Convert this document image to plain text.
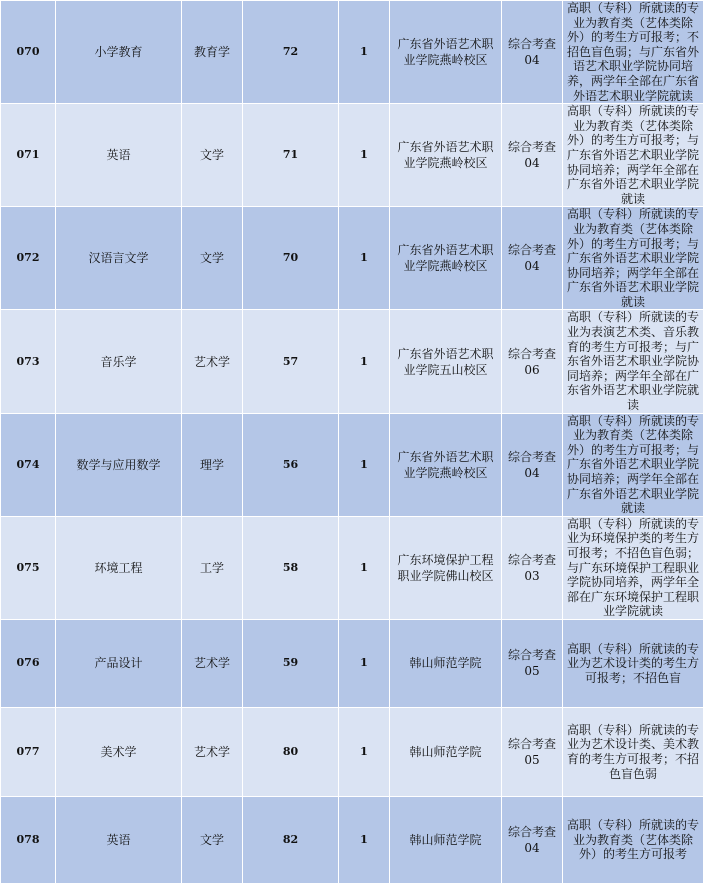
070	小学教育	教育学	72	1	广东省外语艺术职业学院燕岭校区	综合考查04	高职（专科）所就读的专业为教育类（艺体类除外）的考生方可报考；不招色盲色弱；与广东省外语艺术职业学院协同培养，两学年全部在广东省外语艺术职业学院就读
071	英语	文学	71	1	广东省外语艺术职业学院燕岭校区	综合考查04	高职（专科）所就读的专业为教育类（艺体类除外）的考生方可报考；与广东省外语艺术职业学院协同培养；两学年全部在广东省外语艺术职业学院就读
072	汉语言文学	文学	70	1	广东省外语艺术职业学院燕岭校区	综合考查04	高职（专科）所就读的专业为教育类（艺体类除外）的考生方可报考；与广东省外语艺术职业学院协同培养；两学年全部在广东省外语艺术职业学院就读
073	音乐学	艺术学	57	1	广东省外语艺术职业学院五山校区	综合考查06	高职（专科）所就读的专业为表演艺术类、音乐教育的考生方可报考；与广东省外语艺术职业学院协同培养；两学年全部在广东省外语艺术职业学院就读
074	数学与应用数学	理学	56	1	广东省外语艺术职业学院燕岭校区	综合考查04	高职（专科）所就读的专业为教育类（艺体类除外）的考生方可报考；与广东省外语艺术职业学院协同培养；两学年全部在广东省外语艺术职业学院就读
075	环境工程	工学	58	1	广东环境保护工程职业学院佛山校区	综合考查03	高职（专科）所就读的专业为环境保护类的考生方可报考；不招色盲色弱；与广东环境保护工程职业学院协同培养，两学年全部在广东环境保护工程职业学院就读
076	产品设计	艺术学	59	1	韩山师范学院	综合考查05	高职（专科）所就读的专业为艺术设计类的考生方可报考；不招色盲
077	美术学	艺术学	80	1	韩山师范学院	综合考查05	高职（专科）所就读的专业为艺术设计类、美术教育的考生方可报考；不招色盲色弱
078	英语	文学	82	1	韩山师范学院	综合考查04	高职（专科）所就读的专业为教育类（艺体类除外）的考生方可报考
